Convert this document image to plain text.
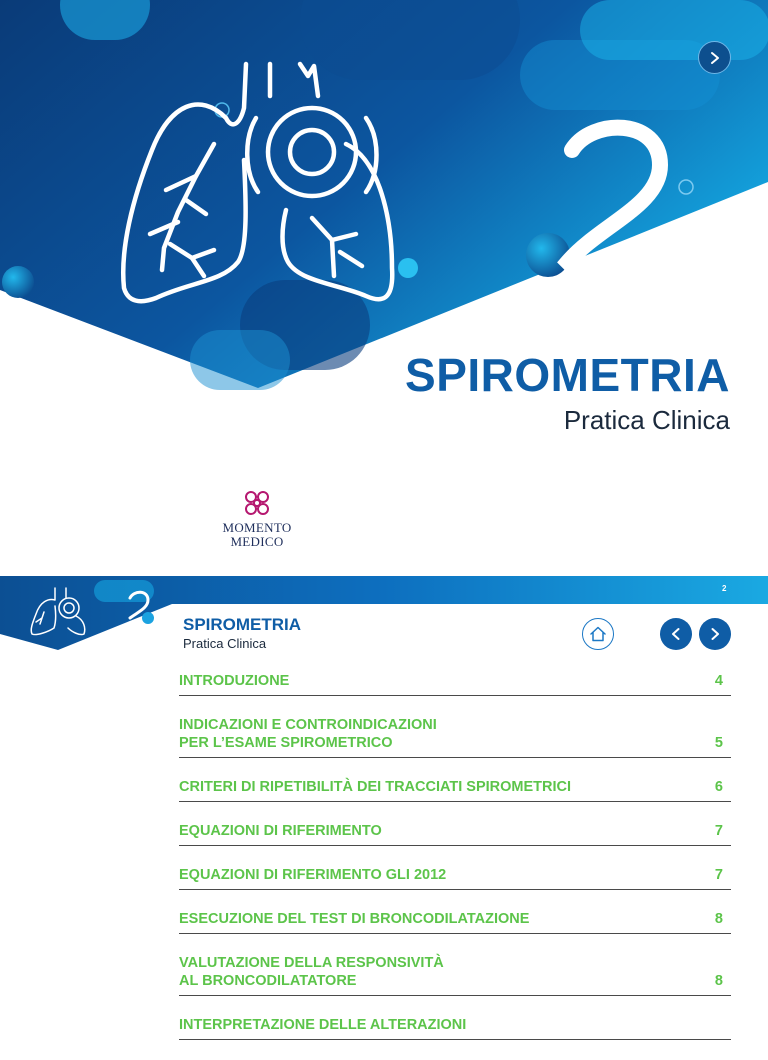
SPIROMETRIA
Pratica Clinica
MOMENTO
MEDICO
2
SPIROMETRIA
Pratica Clinica
INTRODUZIONE	4
INDICAZIONI E CONTROINDICAZIONI
PER L’ESAME SPIROMETRICO	5
CRITERI DI RIPETIBILITÀ DEI TRACCIATI SPIROMETRICI	6
EQUAZIONI DI RIFERIMENTO	7
EQUAZIONI DI RIFERIMENTO GLI 2012	7
ESECUZIONE DEL TEST DI BRONCODILATAZIONE	8
VALUTAZIONE DELLA RESPONSIVITÀ
AL BRONCODILATATORE	8
INTERPRETAZIONE DELLE ALTERAZIONI
